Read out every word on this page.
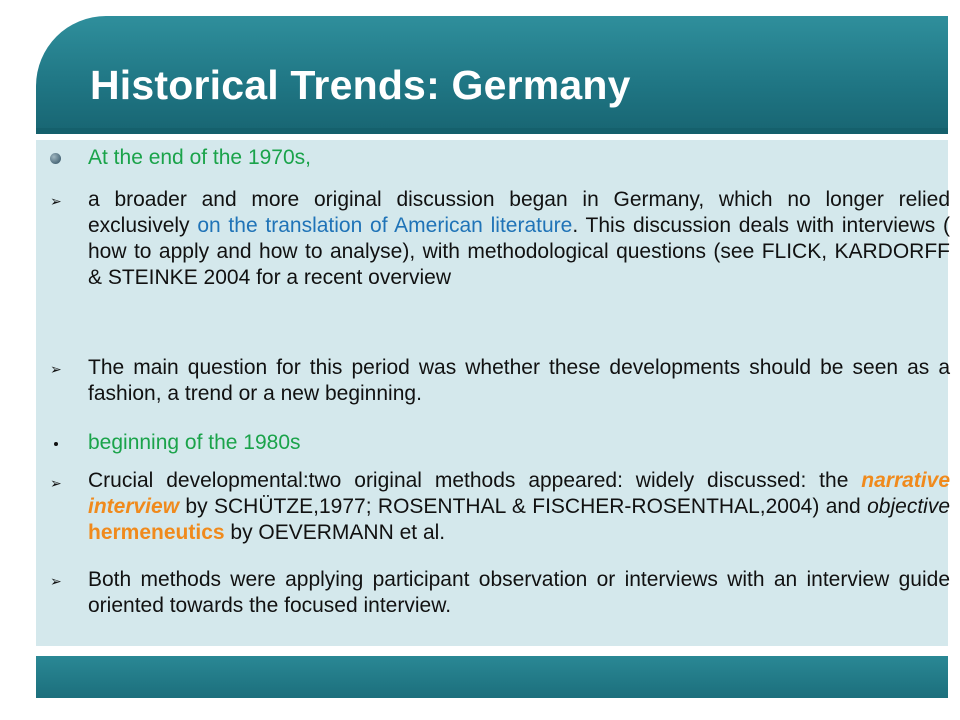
Historical Trends: Germany
At the end of the 1970s,
➢ a broader and more original discussion began in Germany, which no longer relied exclusively on the translation of American literature. This discussion deals with interviews ( how to apply and how to analyse), with methodological questions (see FLICK, KARDORFF & STEINKE 2004 for a recent overview
➢ The main question for this period was whether these developments should be seen as a fashion, a trend or a new beginning.
beginning of the 1980s
➢ Crucial developmental:two original methods appeared: widely discussed: the narrative interview by SCHÜTZE,1977; ROSENTHAL & FISCHER-ROSENTHAL,2004) and objective hermeneutics by OEVERMANN et al.
➢ Both methods were applying participant observation or interviews with an interview guide oriented towards the focused interview.
